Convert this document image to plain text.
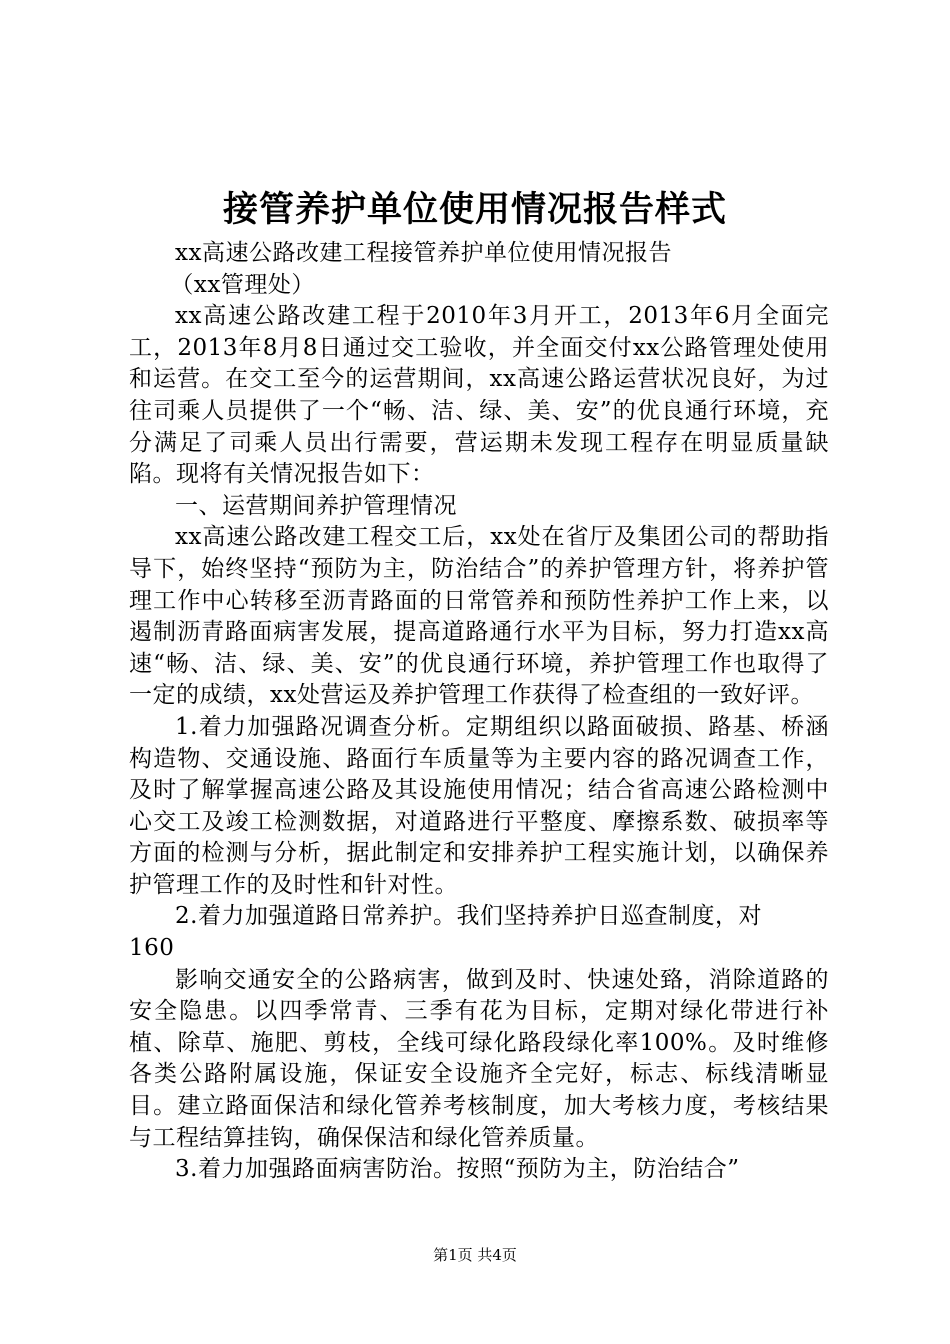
接管养护单位使用情况报告样式

xx高速公路改建工程接管养护单位使用情况报告

（xx管理处）

xx高速公路改建工程于2010年3月开工，2013年6月全面完工，2013年8月8日通过交工验收，并全面交付xx公路管理处使用和运营。在交工至今的运营期间，xx高速公路运营状况良好，为过往司乘人员提供了一个“畅、洁、绿、美、安”的优良通行环境，充分满足了司乘人员出行需要，营运期未发现工程存在明显质量缺陷。现将有关情况报告如下：

一、运营期间养护管理情况

xx高速公路改建工程交工后，xx处在省厅及集团公司的帮助指导下，始终坚持“预防为主，防治结合”的养护管理方针，将养护管理工作中心转移至沥青路面的日常管养和预防性养护工作上来，以遏制沥青路面病害发展，提高道路通行水平为目标，努力打造xx高速“畅、洁、绿、美、安”的优良通行环境，养护管理工作也取得了一定的成绩，xx处营运及养护管理工作获得了检查组的一致好评。

1.着力加强路况调查分析。定期组织以路面破损、路基、桥涵构造物、交通设施、路面行车质量等为主要内容的路况调查工作，及时了解掌握高速公路及其设施使用情况；结合省高速公路检测中心交工及竣工检测数据，对道路进行平整度、摩擦系数、破损率等方面的检测与分析，据此制定和安排养护工程实施计划，以确保养护管理工作的及时性和针对性。

2.着力加强道路日常养护。我们坚持养护日巡查制度，对

160

影响交通安全的公路病害，做到及时、快速处臵，消除道路的安全隐患。以四季常青、三季有花为目标，定期对绿化带进行补植、除草、施肥、剪枝，全线可绿化路段绿化率100%。及时维修各类公路附属设施，保证安全设施齐全完好，标志、标线清晰显目。建立路面保洁和绿化管养考核制度，加大考核力度，考核结果与工程结算挂钩，确保保洁和绿化管养质量。

3.着力加强路面病害防治。按照“预防为主，防治结合”

第1页 共4页
